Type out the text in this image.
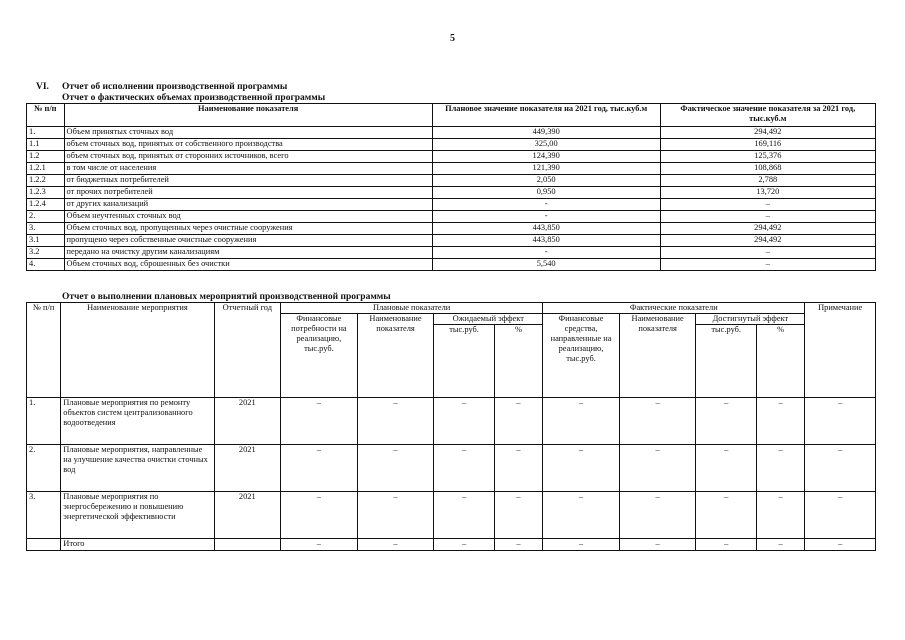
5
VI. Отчет об исполнении производственной программы
Отчет о фактических объемах производственной программы
№ п/п	Наименование показателя	Плановое значение показателя на 2021 год, тыс.куб.м	Фактическое значение показателя за 2021 год, тыс.куб.м
1.	Объем принятых сточных вод	449,390	294,492
1.1	объем сточных вод, принятых от собственного производства	325,00	169,116
1.2	объем сточных вод, принятых от сторонних источников, всего	124,390	125,376
1.2.1	в том числе от населения	121,390	108,868
1.2.2	от бюджетных потребителей	2,050	2,788
1.2.3	от прочих потребителей	0,950	13,720
1.2.4	от других канализаций	-	–
2.	Объем неучтенных сточных вод	-	–
3.	Объем сточных вод, пропущенных через очистные сооружения	443,850	294,492
3.1	пропущено через собственные очистные сооружения	443,850	294,492
3.2	передано на очистку другим канализациям	-	–
4.	Объем сточных вод, сброшенных без очистки	5,540	–
Отчет о выполнении плановых мероприятий производственной программы
№ п/п	Наименование мероприятия	Отчетный год	Плановые показатели				Фактические показатели				Примечание
			Финансовые потребности на реализацию, тыс.руб.	Наименование показателя	Ожидаемый эффект		Финансовые средства, направленные на реализацию, тыс.руб.	Наименование показателя	Достигнутый эффект		
					тыс.руб.	%			тыс.руб.	%	
1.	Плановые мероприятия по ремонту объектов систем централизованного водоотведения	2021	–	–	–	–	–	–	–	–	–
2.	Плановые мероприятия, направленные на улучшение качества очистки сточных вод	2021	–	–	–	–	–	–	–	–	–
3.	Плановые мероприятия по энергосбережению и повышению энергетической эффективности	2021	–	–	–	–	–	–	–	–	–
	Итого		–	–	–	–	–	–	–	–	–
